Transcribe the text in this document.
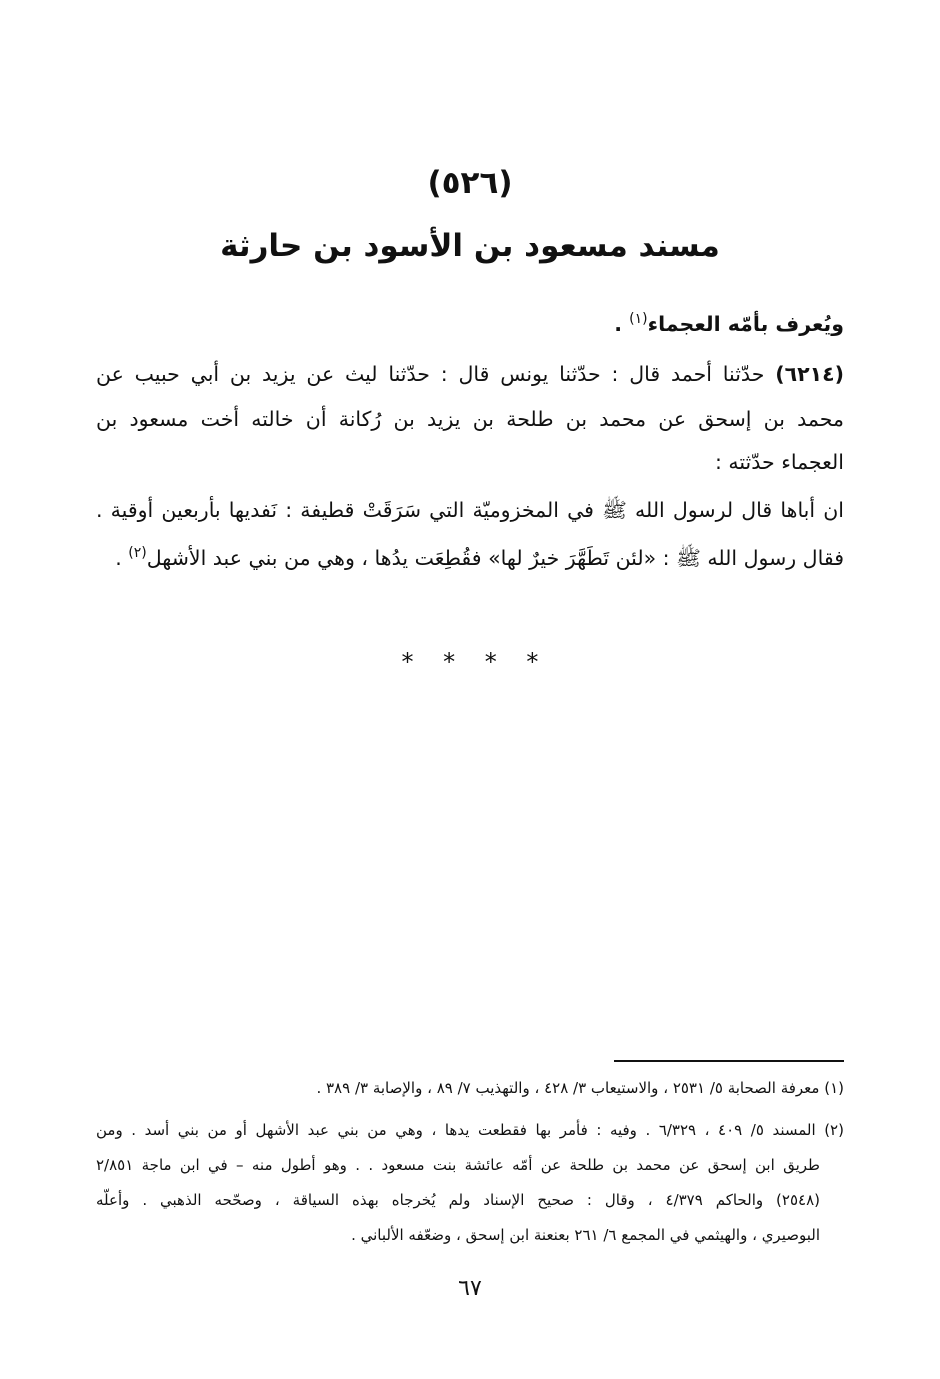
(٥٢٦)
مسند مسعود بن الأسود بن حارثة
ويُعرف بأمّه العجماء$^{(١)}$ .
(٦٢١٤) حدّثنا أحمد قال : حدّثنا يونس قال : حدّثنا ليث عن يزيد بن أبي حبيب عن
محمد بن إسحق عن محمد بن طلحة بن يزيد بن رُكانة أن خالته أخت مسعود بن
العجماء حدّثته :
ان أباها قال لرسول الله ﷺ في المخزوميّة التي سَرَقَتْ قطيفة : نَفديها بأربعين أوقية .
فقال رسول الله ﷺ : «لئن تَطَهَّرَ خيرٌ لها» فقُطِعَت يدُها ، وهي من بني عبد الأشهل$^{(٢)}$ .
* * * *
(١) معرفة الصحابة ٥/ ٢٥٣١ ، والاستيعاب ٣/ ٤٢٨ ، والتهذيب ٧/ ٨٩ ، والإصابة ٣/ ٣٨٩ .
(٢) المسند ٥/ ٤٠٩ ، ٦/٣٢٩ . وفيه : فأمر بها فقطعت يدها ، وهي من بني عبد الأشهل أو من بني أسد . ومن
طريق ابن إسحق عن محمد بن طلحة عن أمّه عائشة بنت مسعود . . وهو أطول منه – في ابن ماجة ٢/٨٥١
(٢٥٤٨) والحاكم ٤/٣٧٩ ، وقال : صحيح الإسناد ولم يُخرجاه بهذه السياقة ، وصحّحه الذهبي . وأعلّه
البوصيري ، والهيثمي في المجمع ٦/ ٢٦١ بعنعنة ابن إسحق ، وضعّفه الألباني .
٦٧
